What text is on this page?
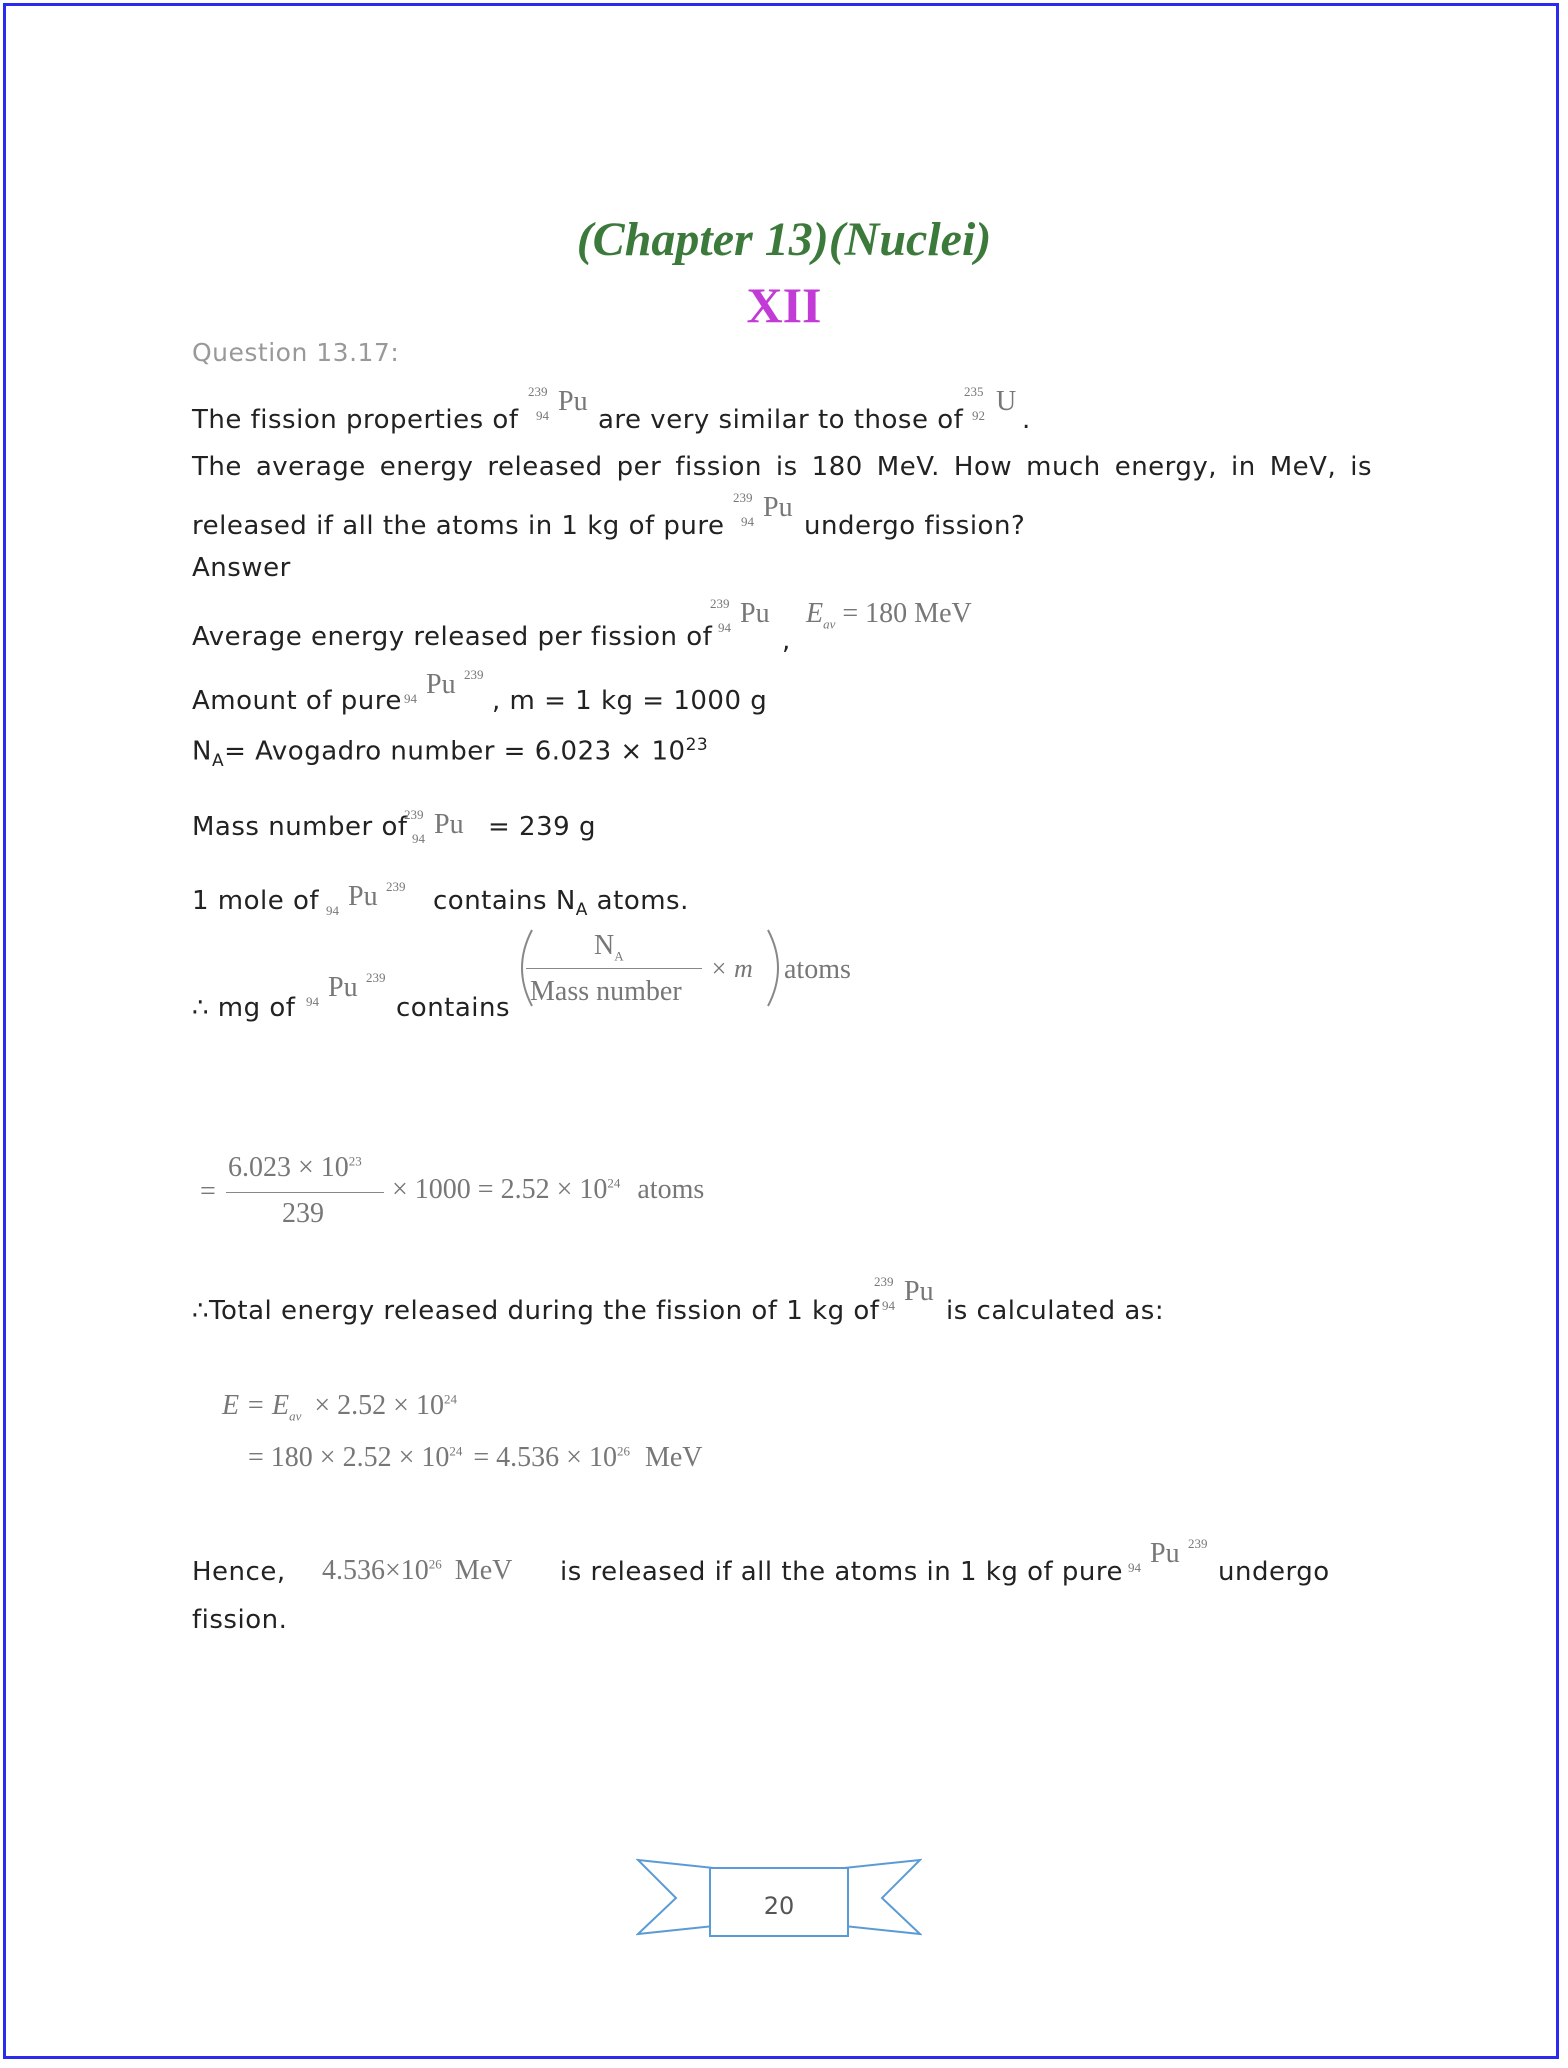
(Chapter 13)(Nuclei)
XII
Question 13.17:
The fission properties of
239
94 Pu
are very similar to those of
235
92 U
.
The average energy released per fission is 180 MeV. How much energy, in MeV, is
released if all the atoms in 1 kg of pure
239
94 Pu
undergo fission?
Answer
Average energy released per fission of
239
94 Pu
,
$E_{av} = 180$ MeV
Amount of pure 94 Pu 239
, m = 1 kg = 1000 g
$N_A=$ Avogadro number = $6.023 \times 10^{23}$
Mass number of
239
94 Pu = 239 g
1 mole of 94 Pu 239 contains $N_A$ atoms.
∴ mg of 94 Pu 239
contains
$N_A$
Mass number
× m atoms
=
$6.023 \times 10^{23}$
239
× $1000 = 2.52 \times 10^{24}$ atoms
∴Total energy released during the fission of 1 kg of
239
94 Pu
is calculated as:
$E = E_{av} \times 2.52 \times 10^{24}$
= $180 \times 2.52 \times 10^{24} = 4.536 \times 10^{26}$ MeV
Hence, $4.536\times 10^{26}$ MeV is released if all the atoms in 1 kg of pure 94 Pu 239
undergo
fission.
20
